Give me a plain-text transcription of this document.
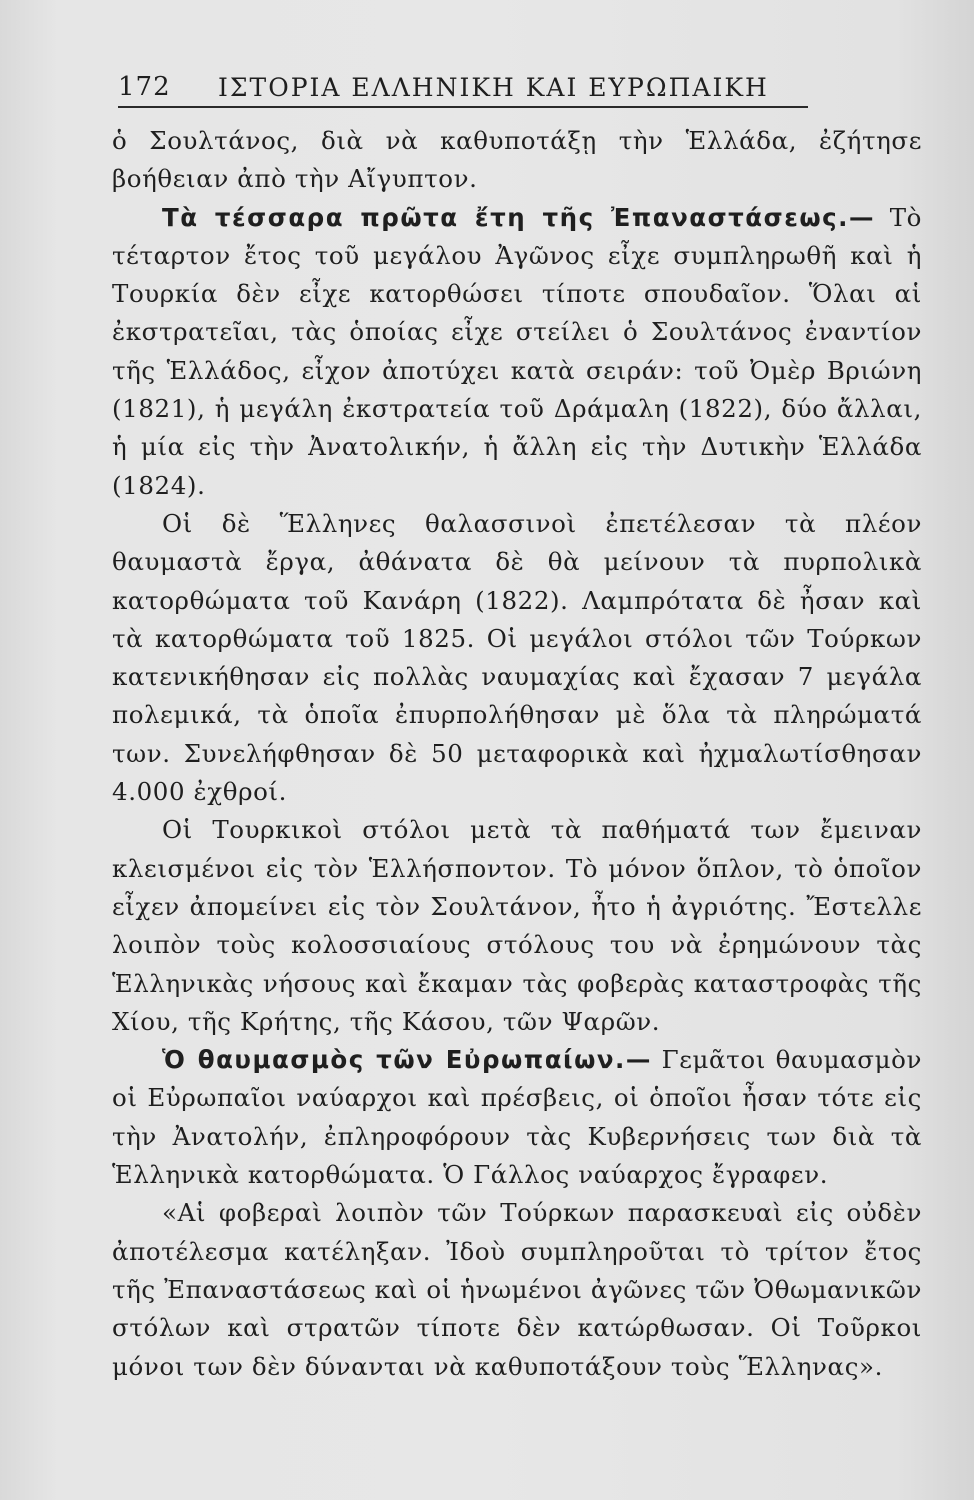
172	ΙΣΤΟΡΙΑ ΕΛΛΗΝΙΚΗ ΚΑΙ ΕΥΡΩΠΑΙΚΗ

ὁ Σουλτάνος, διὰ νὰ καθυποτάξῃ τὴν Ἑλλάδα, ἐζήτησε βοήθειαν ἀπὸ τὴν Αἴγυπτον.

Τὰ τέσσαρα πρῶτα ἔτη τῆς Ἐπαναστάσεως.— Τὸ τέταρτον ἔτος τοῦ μεγάλου Ἀγῶνος εἶχε συμπληρωθῆ καὶ ἡ Τουρκία δὲν εἶχε κατορθώσει τίποτε σπουδαῖον. Ὅλαι αἱ ἐκστρατεῖαι, τὰς ὁποίας εἶχε στείλει ὁ Σουλτάνος ἐναντίον τῆς Ἑλλάδος, εἶχον ἀποτύχει κατὰ σειράν: τοῦ Ὀμὲρ Βριώνη (1821), ἡ μεγάλη ἐκστρατεία τοῦ Δράμαλη (1822), δύο ἄλλαι, ἡ μία εἰς τὴν Ἀνατολικήν, ἡ ἄλλη εἰς τὴν Δυτικὴν Ἑλλάδα (1824).

Οἱ δὲ Ἕλληνες θαλασσινοὶ ἐπετέλεσαν τὰ πλέον θαυμαστὰ ἔργα, ἀθάνατα δὲ θὰ μείνουν τὰ πυρπολικὰ κατορθώματα τοῦ Κανάρη (1822). Λαμπρότατα δὲ ἦσαν καὶ τὰ κατορθώματα τοῦ 1825. Οἱ μεγάλοι στόλοι τῶν Τούρκων κατενικήθησαν εἰς πολλὰς ναυμαχίας καὶ ἔχασαν 7 μεγάλα πολεμικά, τὰ ὁποῖα ἐπυρπολήθησαν μὲ ὅλα τὰ πληρώματά των. Συνελήφθησαν δὲ 50 μεταφορικὰ καὶ ἠχμαλωτίσθησαν 4.000 ἐχθροί.

Οἱ Τουρκικοὶ στόλοι μετὰ τὰ παθήματά των ἔμειναν κλεισμένοι εἰς τὸν Ἑλλήσποντον. Τὸ μόνον ὅπλον, τὸ ὁποῖον εἶχεν ἀπομείνει εἰς τὸν Σουλτάνον, ἦτο ἡ ἀγριότης. Ἔστελλε λοιπὸν τοὺς κολοσσιαίους στόλους του νὰ ἐρημώνουν τὰς Ἑλληνικὰς νήσους καὶ ἔκαμαν τὰς φοβερὰς καταστροφὰς τῆς Χίου, τῆς Κρήτης, τῆς Κάσου, τῶν Ψαρῶν.

Ὁ θαυμασμὸς τῶν Εὐρωπαίων.— Γεμᾶτοι θαυμασμὸν οἱ Εὐρωπαῖοι ναύαρχοι καὶ πρέσβεις, οἱ ὁποῖοι ἦσαν τότε εἰς τὴν Ἀνατολήν, ἐπληροφόρουν τὰς Κυβερνήσεις των διὰ τὰ Ἑλληνικὰ κατορθώματα. Ὁ Γάλλος ναύαρχος ἔγραφεν.

«Αἱ φοβεραὶ λοιπὸν τῶν Τούρκων παρασκευαὶ εἰς οὐδὲν ἀποτέλεσμα κατέληξαν. Ἰδοὺ συμπληροῦται τὸ τρίτον ἔτος τῆς Ἐπαναστάσεως καὶ οἱ ἡνωμένοι ἀγῶνες τῶν Ὀθωμανικῶν στόλων καὶ στρατῶν τίποτε δὲν κατώρθωσαν. Οἱ Τοῦρκοι μόνοι των δὲν δύνανται νὰ καθυποτάξουν τοὺς Ἕλληνας».
